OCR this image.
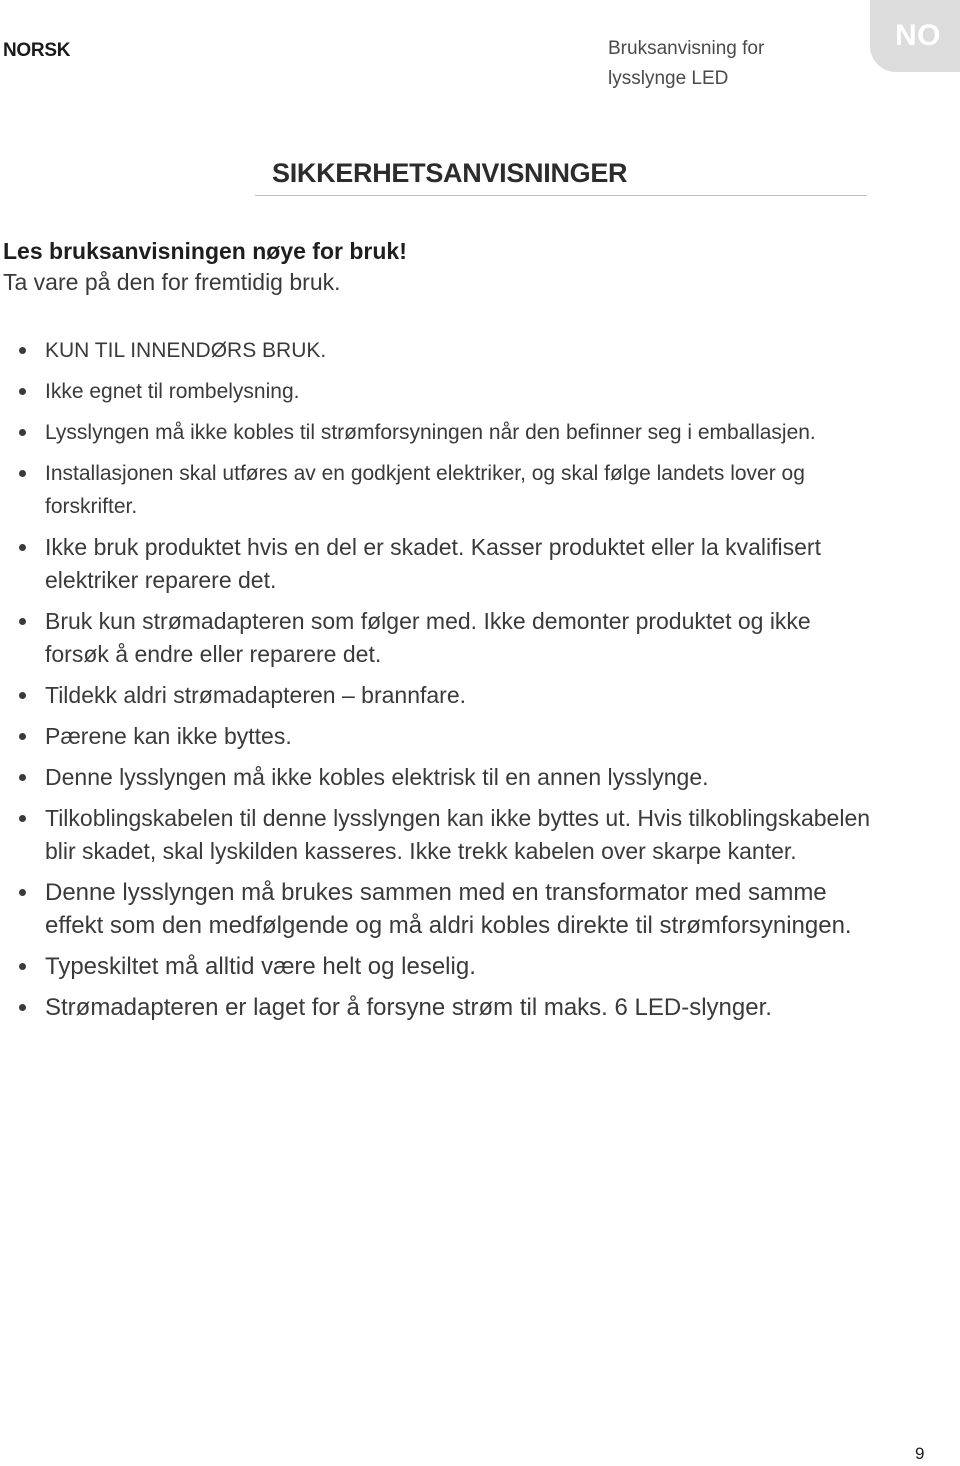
NORSK	Bruksanvisning for
lysslynge LED
NO
SIKKERHETSANVISNINGER
Les bruksanvisningen nøye for bruk!
Ta vare på den for fremtidig bruk.
KUN TIL INNENDØRS BRUK.
Ikke egnet til rombelysning.
Lysslyngen må ikke kobles til strømforsyningen når den befinner seg i emballasjen.
Installasjonen skal utføres av en godkjent elektriker, og skal følge landets lover og forskrifter.
Ikke bruk produktet hvis en del er skadet. Kasser produktet eller la kvalifisert elektriker reparere det.
Bruk kun strømadapteren som følger med. Ikke demonter produktet og ikke forsøk å endre eller reparere det.
Tildekk aldri strømadapteren – brannfare.
Pærene kan ikke byttes.
Denne lysslyngen må ikke kobles elektrisk til en annen lysslynge.
Tilkoblingskabelen til denne lysslyngen kan ikke byttes ut. Hvis tilkoblingskabelen blir skadet, skal lyskilden kasseres. Ikke trekk kabelen over skarpe kanter.
Denne lysslyngen må brukes sammen med en transformator med samme effekt som den medfølgende og må aldri kobles direkte til strømforsyningen.
Typeskiltet må alltid være helt og leselig.
Strømadapteren er laget for å forsyne strøm til maks. 6 LED-slynger.
9
